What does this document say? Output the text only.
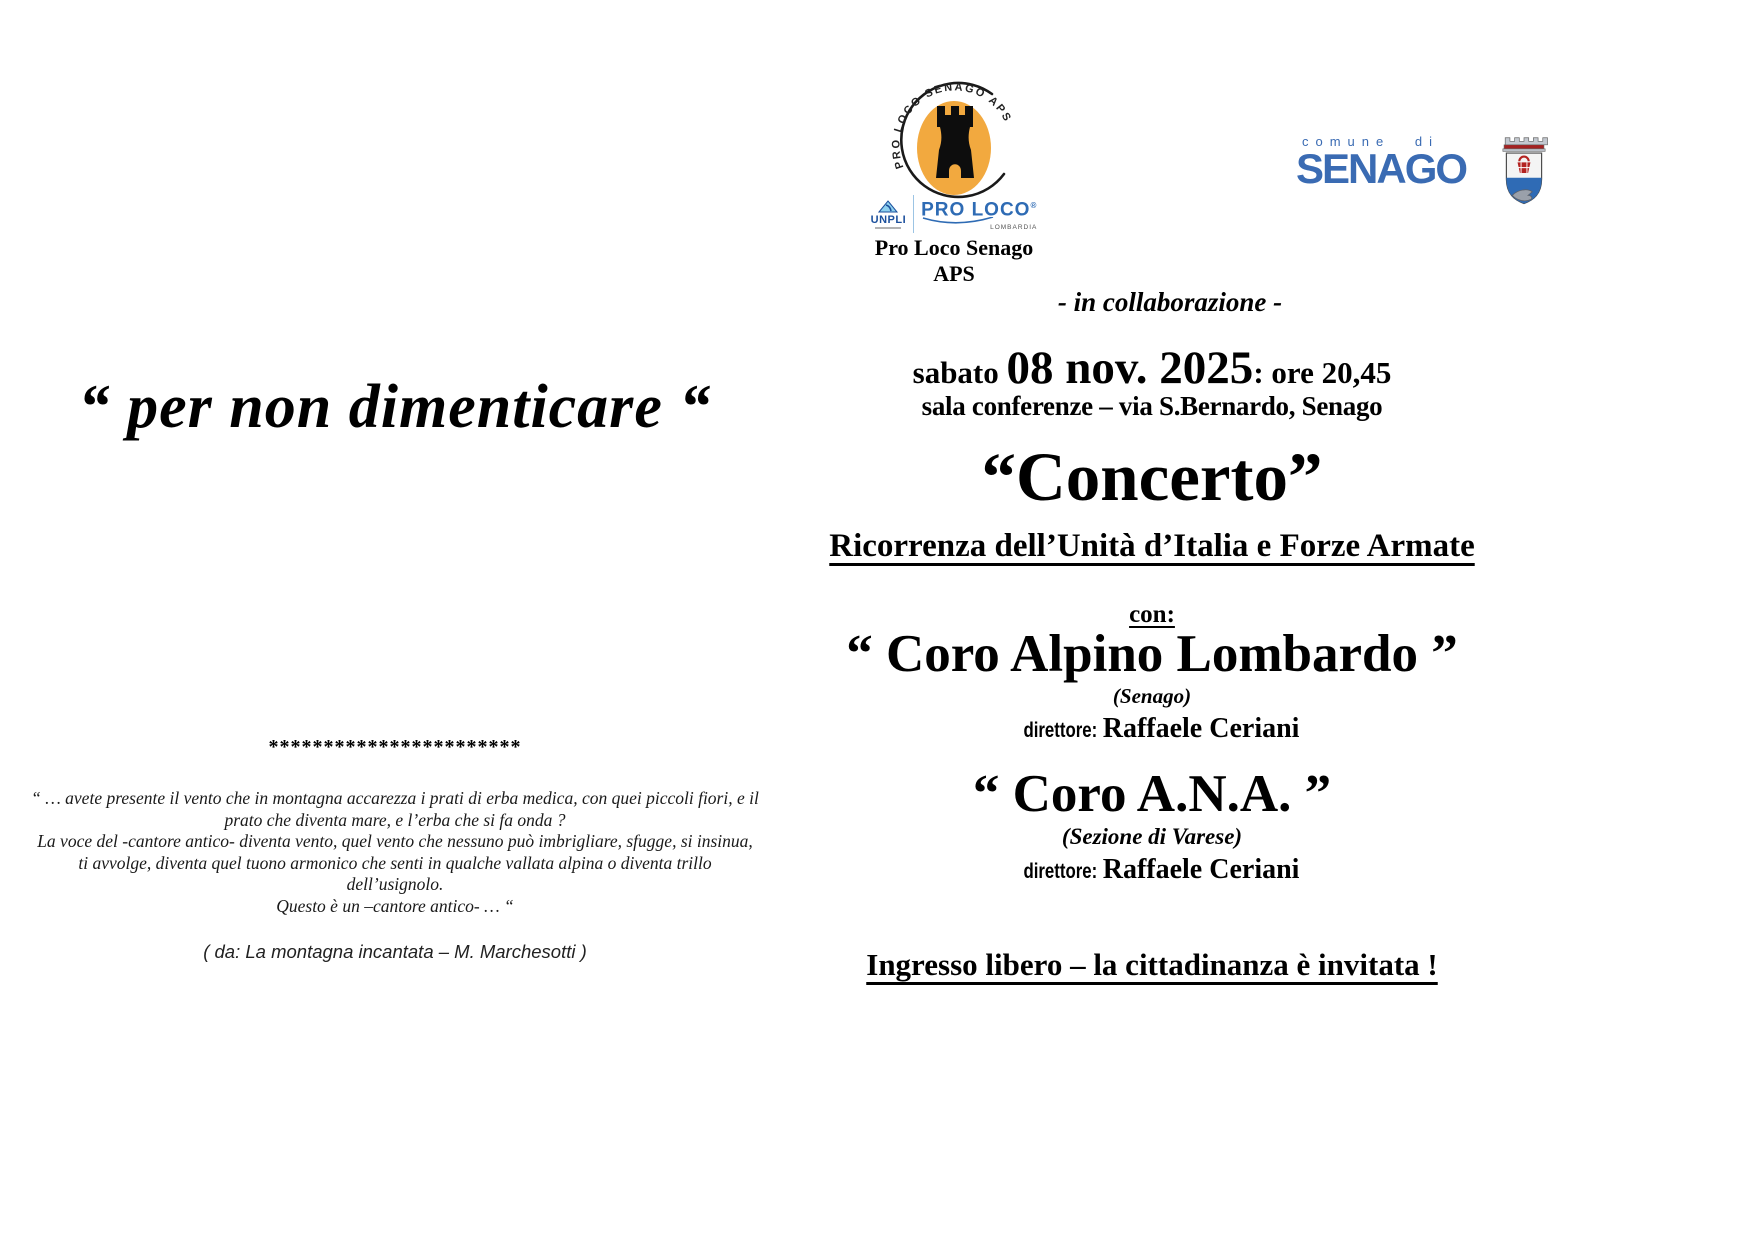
“ per non dimenticare “
***********************
“ … avete presente il vento che in montagna accarezza i prati di erba medica, con quei piccoli fiori, e il
prato che diventa mare, e l’erba che si fa onda ?
La voce del -cantore antico- diventa vento, quel vento che nessuno può imbrigliare, sfugge, si insinua,
ti avvolge, diventa quel tuono armonico che senti in qualche vallata alpina o diventa trillo
dell’usignolo.
Questo è un –cantore antico- … “
( da: La montagna incantata – M. Marchesotti )
PRO LOCO SENAGO APS
UNPLI PRO LOCO®
LOMBARDIA
Pro Loco Senago APS
comune di
SENAGO
- in collaborazione -
sabato 08 nov. 2025: ore 20,45
sala conferenze – via S.Bernardo, Senago
“Concerto”
Ricorrenza dell’Unità d’Italia e Forze Armate
con:
“ Coro Alpino Lombardo ”
(Senago)
direttore: Raffaele Ceriani
“ Coro A.N.A. ”
(Sezione di Varese)
direttore: Raffaele Ceriani
Ingresso libero – la cittadinanza è invitata !
